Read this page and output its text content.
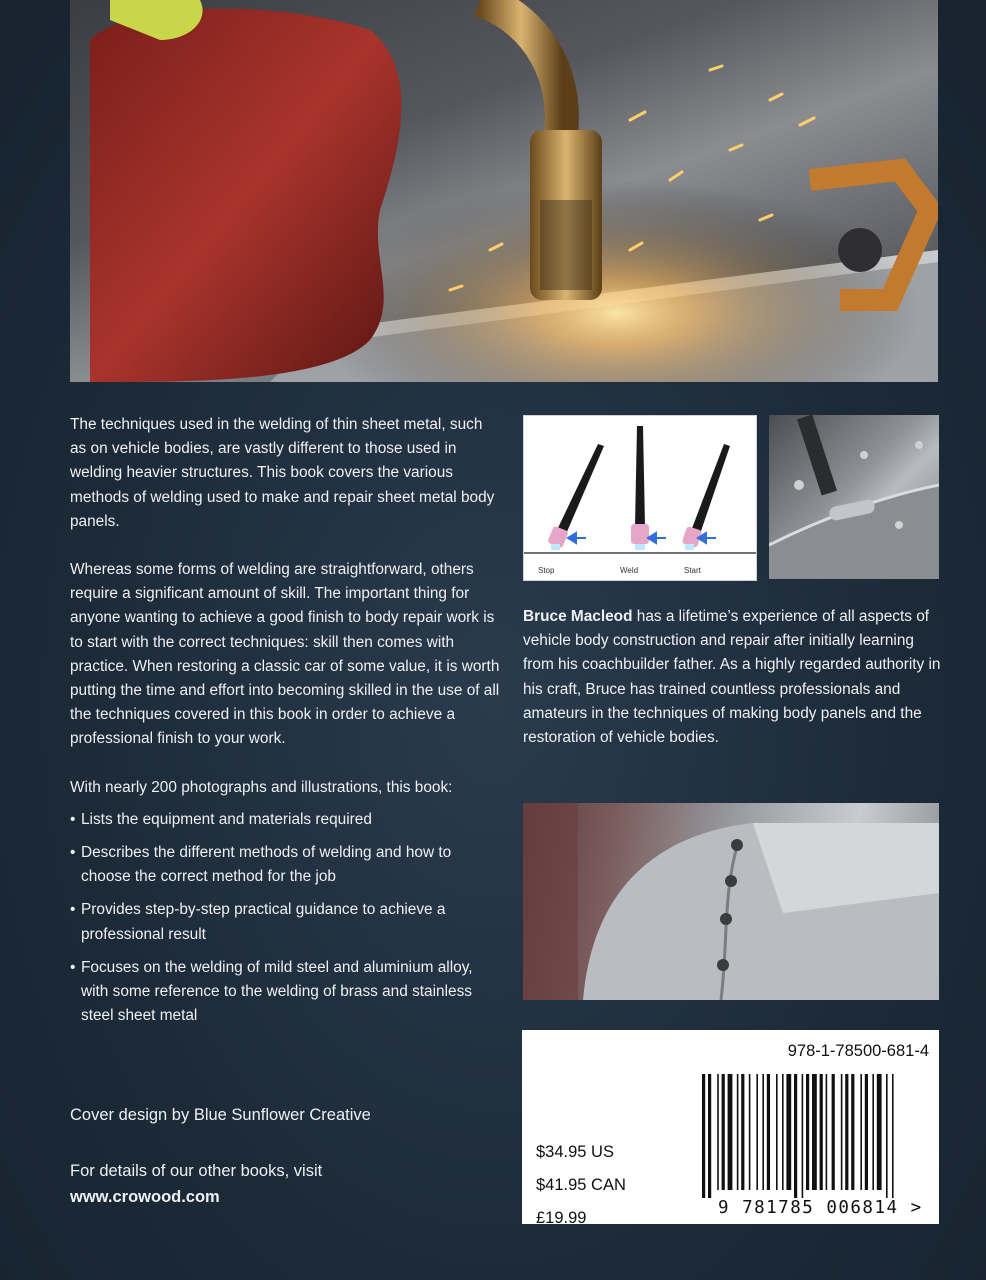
The techniques used in the welding of thin sheet metal, such as on vehicle bodies, are vastly different to those used in welding heavier structures. This book covers the various methods of welding used to make and repair sheet metal body panels.

Whereas some forms of welding are straightforward, others require a significant amount of skill. The important thing for anyone wanting to achieve a good finish to body repair work is to start with the correct techniques: skill then comes with practice. When restoring a classic car of some value, it is worth putting the time and effort into becoming skilled in the use of all the techniques covered in this book in order to achieve a professional finish to your work.

With nearly 200 photographs and illustrations, this book:

• Lists the equipment and materials required
• Describes the different methods of welding and how to choose the correct method for the job
• Provides step-by-step practical guidance to achieve a professional result
• Focuses on the welding of mild steel and aluminium alloy, with some reference to the welding of brass and stainless steel sheet metal
Cover design by Blue Sunflower Creative
For details of our other books, visit
www.crowood.com
Stop	Weld	Start
Bruce Macleod has a lifetime’s experience of all aspects of vehicle body construction and repair after initially learning from his coachbuilder father. As a highly regarded authority in his craft, Bruce has trained countless professionals and amateurs in the techniques of making body panels and the restoration of vehicle bodies.
978-1-78500-681-4
$34.95 US
$41.95 CAN
£19.99	9 781785 006814 >
